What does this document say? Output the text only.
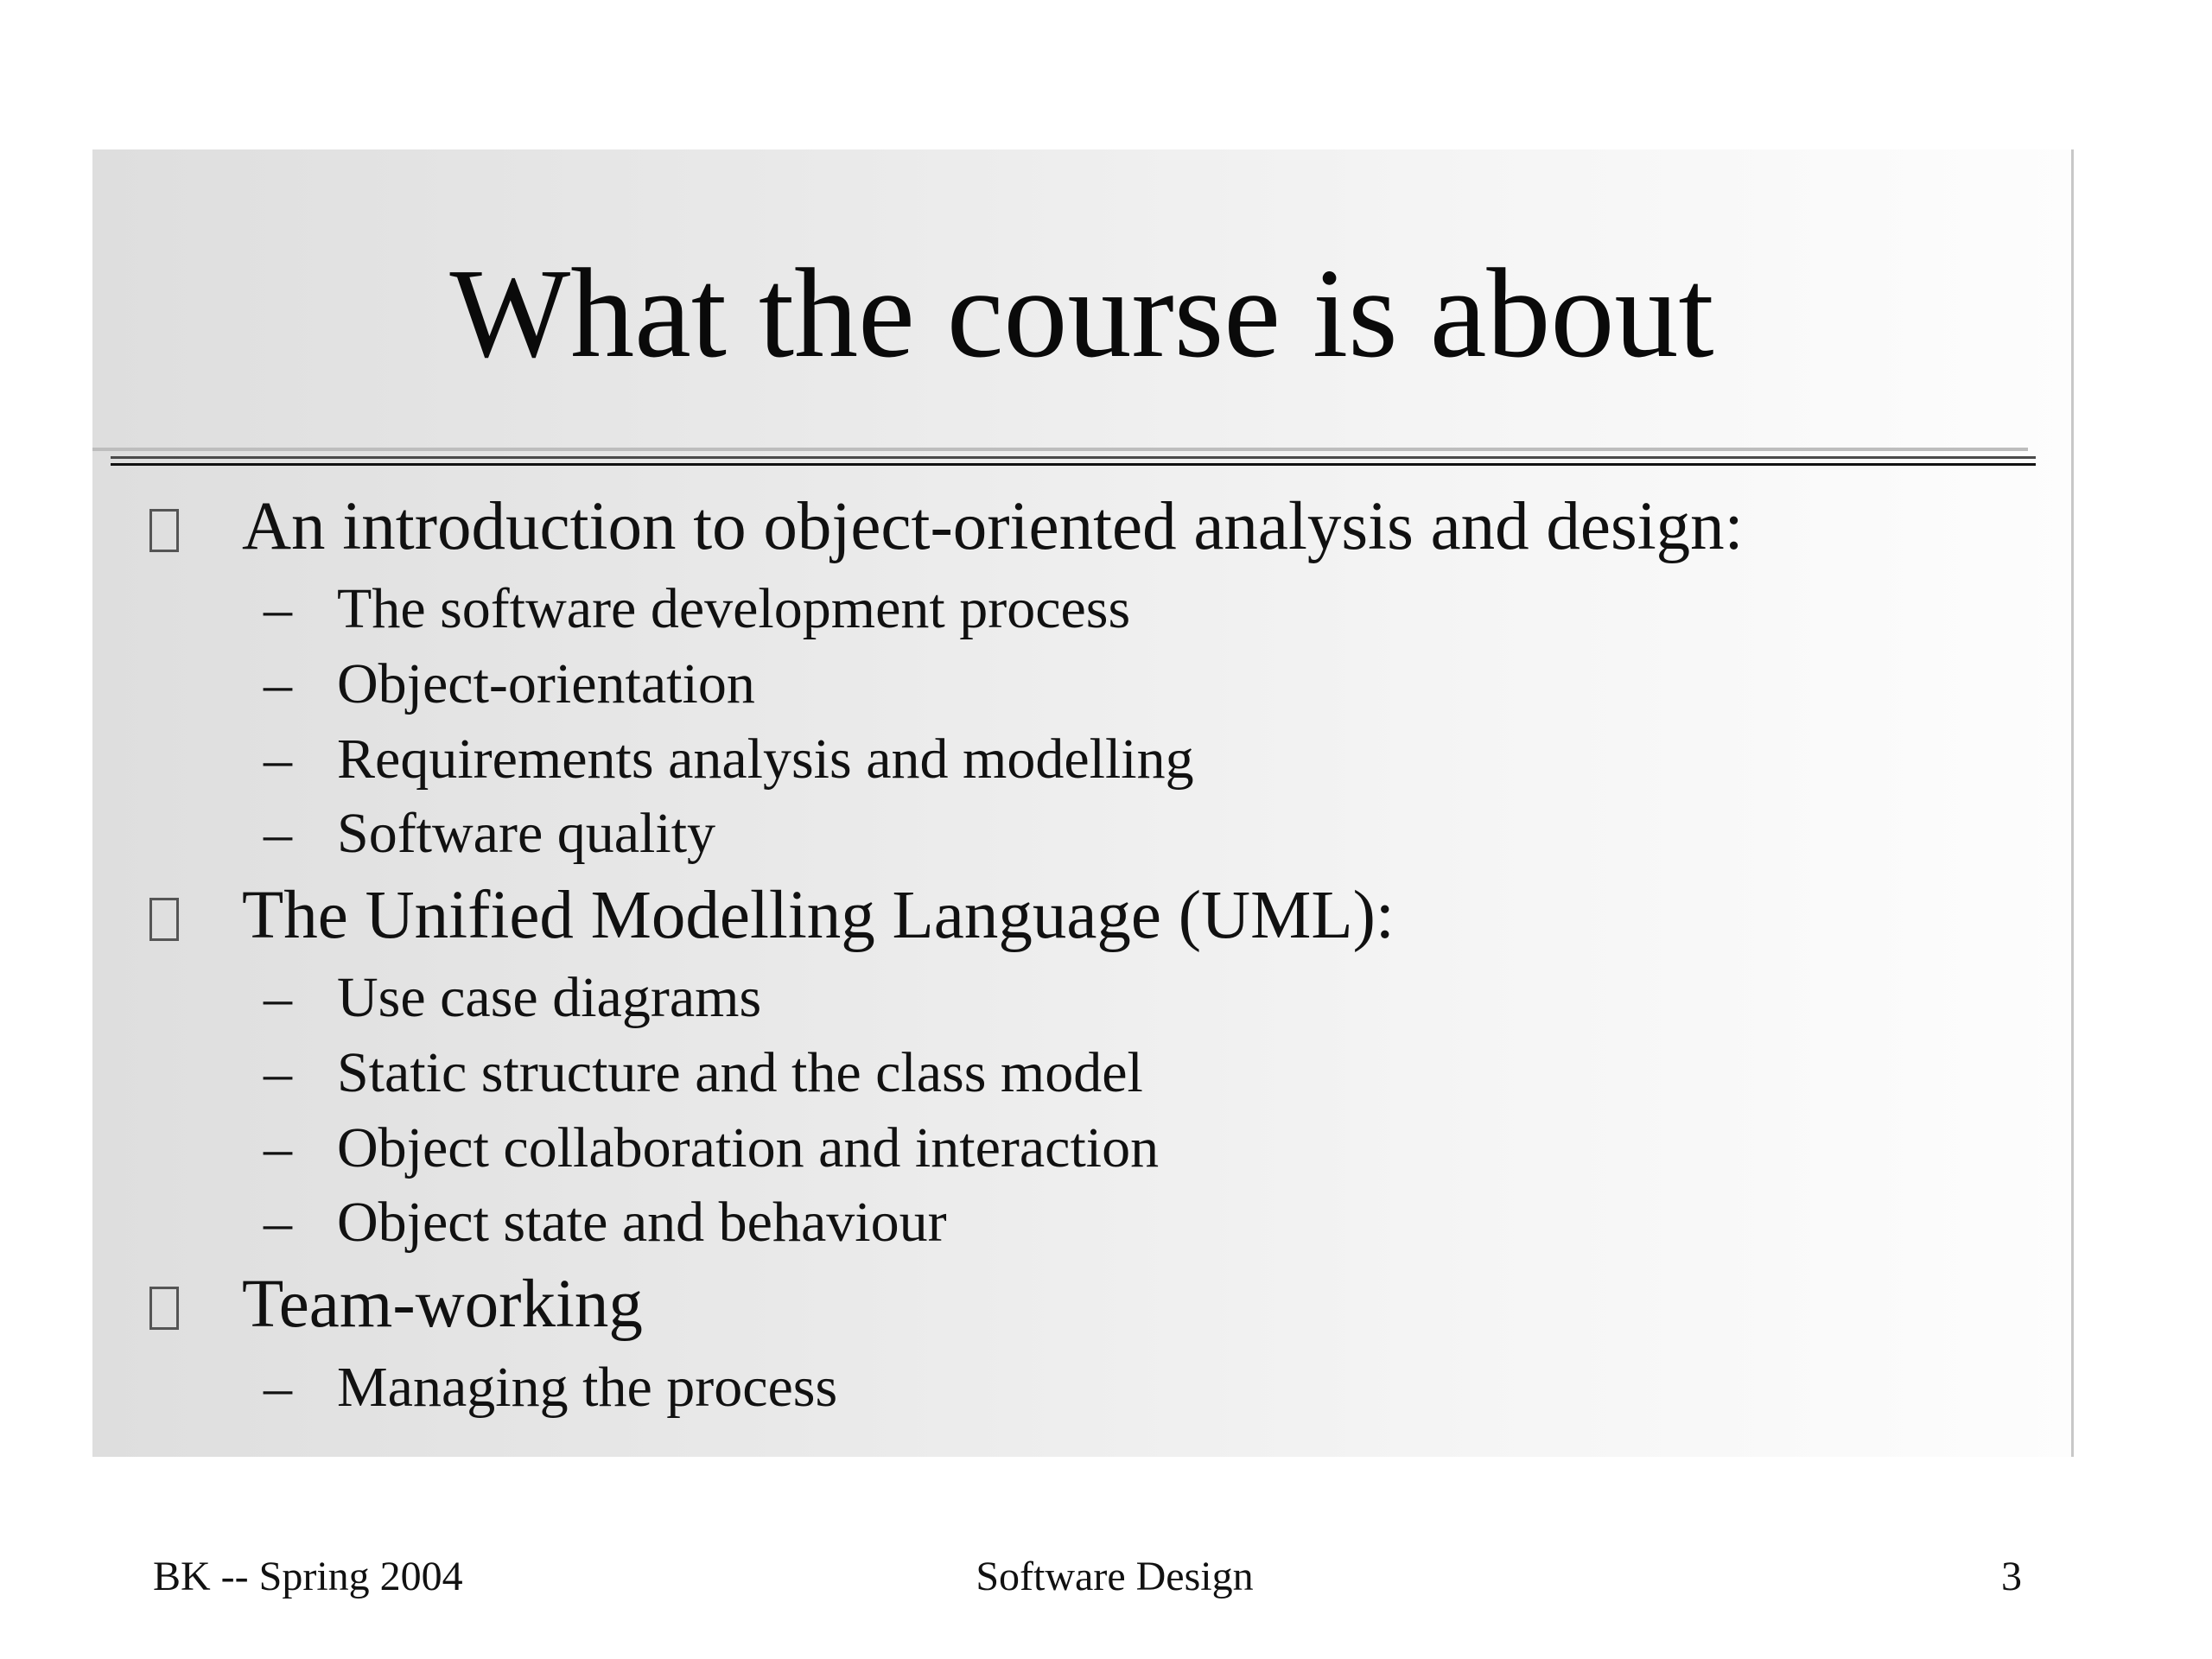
What the course is about
An introduction to object-oriented analysis and design:
– The software development process
– Object-orientation
– Requirements analysis and modelling
– Software quality
The Unified Modelling Language (UML):
– Use case diagrams
– Static structure and the class model
– Object collaboration and interaction
– Object state and behaviour
Team-working
– Managing the process
BK -- Spring 2004	Software Design	3
